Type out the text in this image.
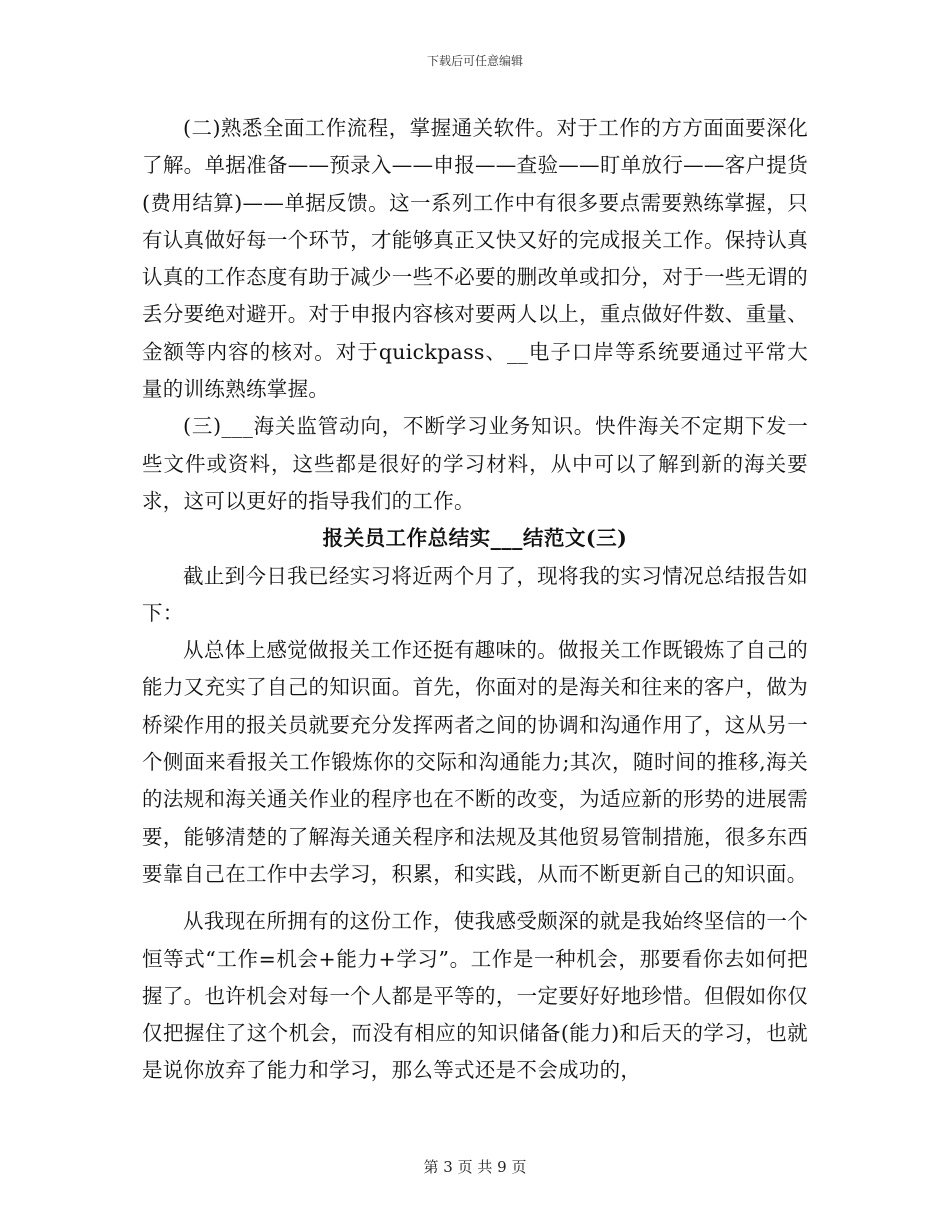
下载后可任意编辑

(二)熟悉全面工作流程，掌握通关软件。对于工作的方方面面要深化了解。单据准备——预录入——申报——查验——盯单放行——客户提货(费用结算)——单据反馈。这一系列工作中有很多要点需要熟练掌握，只有认真做好每一个环节，才能够真正又快又好的完成报关工作。保持认真认真的工作态度有助于减少一些不必要的删改单或扣分，对于一些无谓的丢分要绝对避开。对于申报内容核对要两人以上，重点做好件数、重量、金额等内容的核对。对于quickpass、__电子口岸等系统要通过平常大量的训练熟练掌握。

(三)___海关监管动向，不断学习业务知识。快件海关不定期下发一些文件或资料，这些都是很好的学习材料，从中可以了解到新的海关要求，这可以更好的指导我们的工作。

报关员工作总结实___结范文(三)

截止到今日我已经实习将近两个月了，现将我的实习情况总结报告如下：

从总体上感觉做报关工作还挺有趣味的。做报关工作既锻炼了自己的能力又充实了自己的知识面。首先，你面对的是海关和往来的客户，做为桥梁作用的报关员就要充分发挥两者之间的协调和沟通作用了，这从另一个侧面来看报关工作锻炼你的交际和沟通能力;其次，随时间的推移,海关的法规和海关通关作业的程序也在不断的改变，为适应新的形势的进展需要，能够清楚的了解海关通关程序和法规及其他贸易管制措施，很多东西要靠自己在工作中去学习，积累，和实践，从而不断更新自己的知识面。

从我现在所拥有的这份工作，使我感受颇深的就是我始终坚信的一个恒等式“工作=机会+能力+学习”。工作是一种机会，那要看你去如何把握了。也许机会对每一个人都是平等的，一定要好好地珍惜。但假如你仅仅把握住了这个机会，而没有相应的知识储备(能力)和后天的学习，也就是说你放弃了能力和学习，那么等式还是不会成功的，

第 3 页 共 9 页
